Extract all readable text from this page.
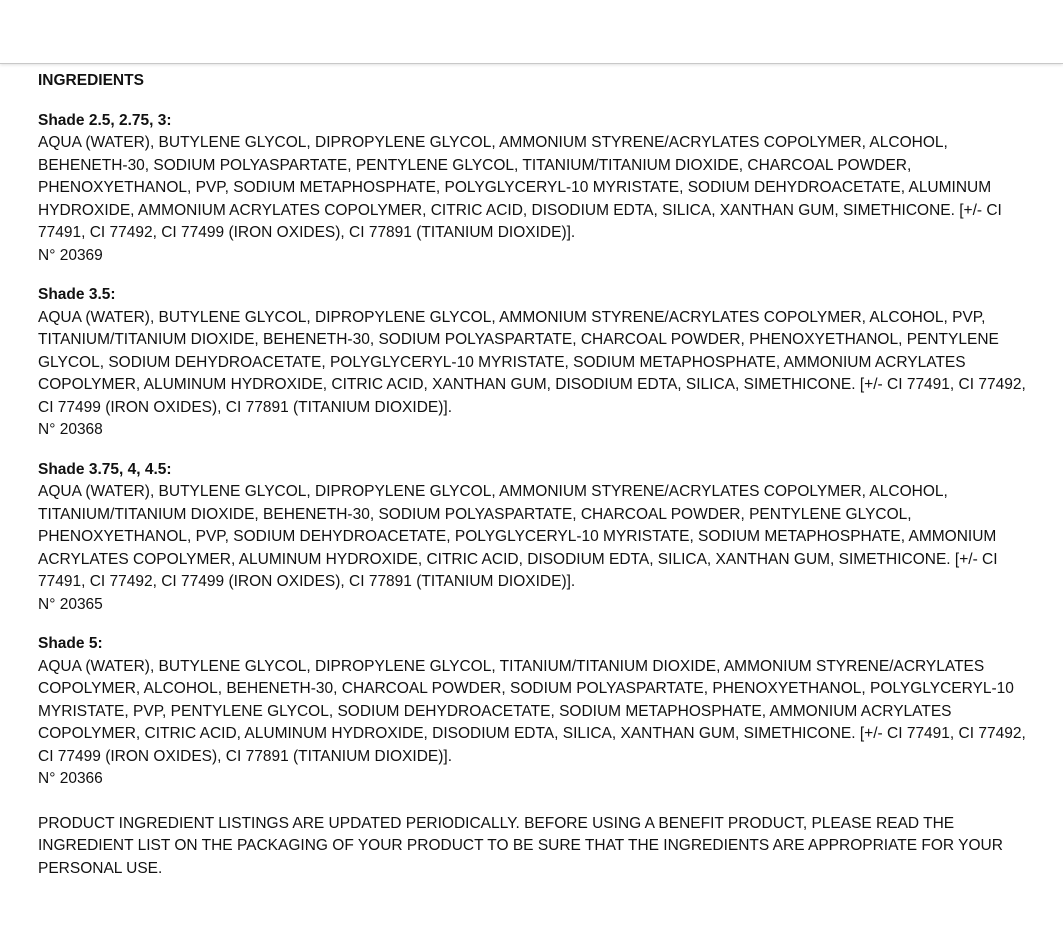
INGREDIENTS
Shade 2.5, 2.75, 3:
AQUA (WATER), BUTYLENE GLYCOL, DIPROPYLENE GLYCOL, AMMONIUM STYRENE/ACRYLATES COPOLYMER, ALCOHOL, BEHENETH-30, SODIUM POLYASPARTATE, PENTYLENE GLYCOL, TITANIUM/TITANIUM DIOXIDE, CHARCOAL POWDER, PHENOXYETHANOL, PVP, SODIUM METAPHOSPHATE, POLYGLYCERYL-10 MYRISTATE, SODIUM DEHYDROACETATE, ALUMINUM HYDROXIDE, AMMONIUM ACRYLATES COPOLYMER, CITRIC ACID, DISODIUM EDTA, SILICA, XANTHAN GUM, SIMETHICONE. [+/- CI 77491, CI 77492, CI 77499 (IRON OXIDES), CI 77891 (TITANIUM DIOXIDE)].
N° 20369
Shade 3.5:
AQUA (WATER), BUTYLENE GLYCOL, DIPROPYLENE GLYCOL, AMMONIUM STYRENE/ACRYLATES COPOLYMER, ALCOHOL, PVP, TITANIUM/TITANIUM DIOXIDE, BEHENETH-30, SODIUM POLYASPARTATE, CHARCOAL POWDER, PHENOXYETHANOL, PENTYLENE GLYCOL, SODIUM DEHYDROACETATE, POLYGLYCERYL-10 MYRISTATE, SODIUM METAPHOSPHATE, AMMONIUM ACRYLATES COPOLYMER, ALUMINUM HYDROXIDE, CITRIC ACID, XANTHAN GUM, DISODIUM EDTA, SILICA, SIMETHICONE. [+/- CI 77491, CI 77492, CI 77499 (IRON OXIDES), CI 77891 (TITANIUM DIOXIDE)].
N° 20368
Shade 3.75, 4, 4.5:
AQUA (WATER), BUTYLENE GLYCOL, DIPROPYLENE GLYCOL, AMMONIUM STYRENE/ACRYLATES COPOLYMER, ALCOHOL, TITANIUM/TITANIUM DIOXIDE, BEHENETH-30, SODIUM POLYASPARTATE, CHARCOAL POWDER, PENTYLENE GLYCOL, PHENOXYETHANOL, PVP, SODIUM DEHYDROACETATE, POLYGLYCERYL-10 MYRISTATE, SODIUM METAPHOSPHATE, AMMONIUM ACRYLATES COPOLYMER, ALUMINUM HYDROXIDE, CITRIC ACID, DISODIUM EDTA, SILICA, XANTHAN GUM, SIMETHICONE. [+/- CI 77491, CI 77492, CI 77499 (IRON OXIDES), CI 77891 (TITANIUM DIOXIDE)].
N° 20365
Shade 5:
AQUA (WATER), BUTYLENE GLYCOL, DIPROPYLENE GLYCOL, TITANIUM/TITANIUM DIOXIDE, AMMONIUM STYRENE/ACRYLATES COPOLYMER, ALCOHOL, BEHENETH-30, CHARCOAL POWDER, SODIUM POLYASPARTATE, PHENOXYETHANOL, POLYGLYCERYL-10 MYRISTATE, PVP, PENTYLENE GLYCOL, SODIUM DEHYDROACETATE, SODIUM METAPHOSPHATE, AMMONIUM ACRYLATES COPOLYMER, CITRIC ACID, ALUMINUM HYDROXIDE, DISODIUM EDTA, SILICA, XANTHAN GUM, SIMETHICONE. [+/- CI 77491, CI 77492, CI 77499 (IRON OXIDES), CI 77891 (TITANIUM DIOXIDE)].
N° 20366
PRODUCT INGREDIENT LISTINGS ARE UPDATED PERIODICALLY. BEFORE USING A BENEFIT PRODUCT, PLEASE READ THE INGREDIENT LIST ON THE PACKAGING OF YOUR PRODUCT TO BE SURE THAT THE INGREDIENTS ARE APPROPRIATE FOR YOUR PERSONAL USE.
